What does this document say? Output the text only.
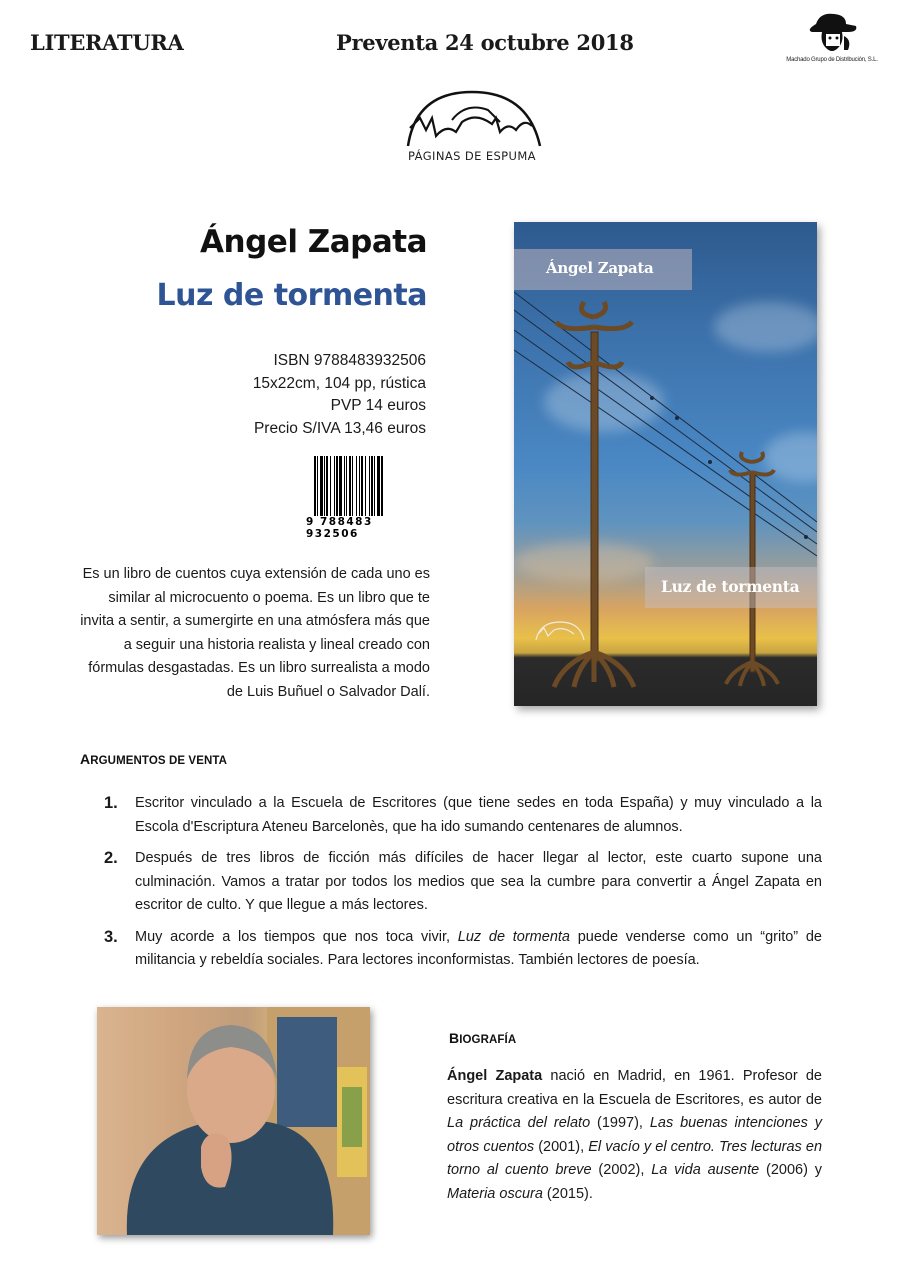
LITERATURA	Preventa 24 octubre 2018
Machado Grupo de Distribución, S.L.
PÁGINAS DE ESPUMA
Ángel Zapata
Luz de tormenta
ISBN 9788483932506
15x22cm, 104 pp, rústica
PVP 14 euros
Precio S/IVA 13,46 euros
9 788483 932506
Es un libro de cuentos cuya extensión de cada uno es similar al microcuento o poema. Es un libro que te invita a sentir, a sumergirte en una atmósfera más que a seguir una historia realista y lineal creado con fórmulas desgastadas. Es un libro surrealista a modo de Luis Buñuel o Salvador Dalí.
Ángel Zapata
Luz de tormenta
ARGUMENTOS DE VENTA
1.	Escritor vinculado a la Escuela de Escritores (que tiene sedes en toda España) y muy vinculado a la Escola d'Escriptura Ateneu Barcelonès, que ha ido sumando centenares de alumnos.
2.	Después de tres libros de ficción más difíciles de hacer llegar al lector, este cuarto supone una culminación. Vamos a tratar por todos los medios que sea la cumbre para convertir a Ángel Zapata en escritor de culto. Y que llegue a más lectores.
3.	Muy acorde a los tiempos que nos toca vivir, Luz de tormenta puede venderse como un “grito” de militancia y rebeldía sociales. Para lectores inconformistas. También lectores de poesía.
BIOGRAFÍA
Ángel Zapata nació en Madrid, en 1961. Profesor de escritura creativa en la Escuela de Escritores, es autor de La práctica del relato (1997), Las buenas intenciones y otros cuentos (2001), El vacío y el centro. Tres lecturas en torno al cuento breve (2002), La vida ausente (2006) y Materia oscura (2015).
